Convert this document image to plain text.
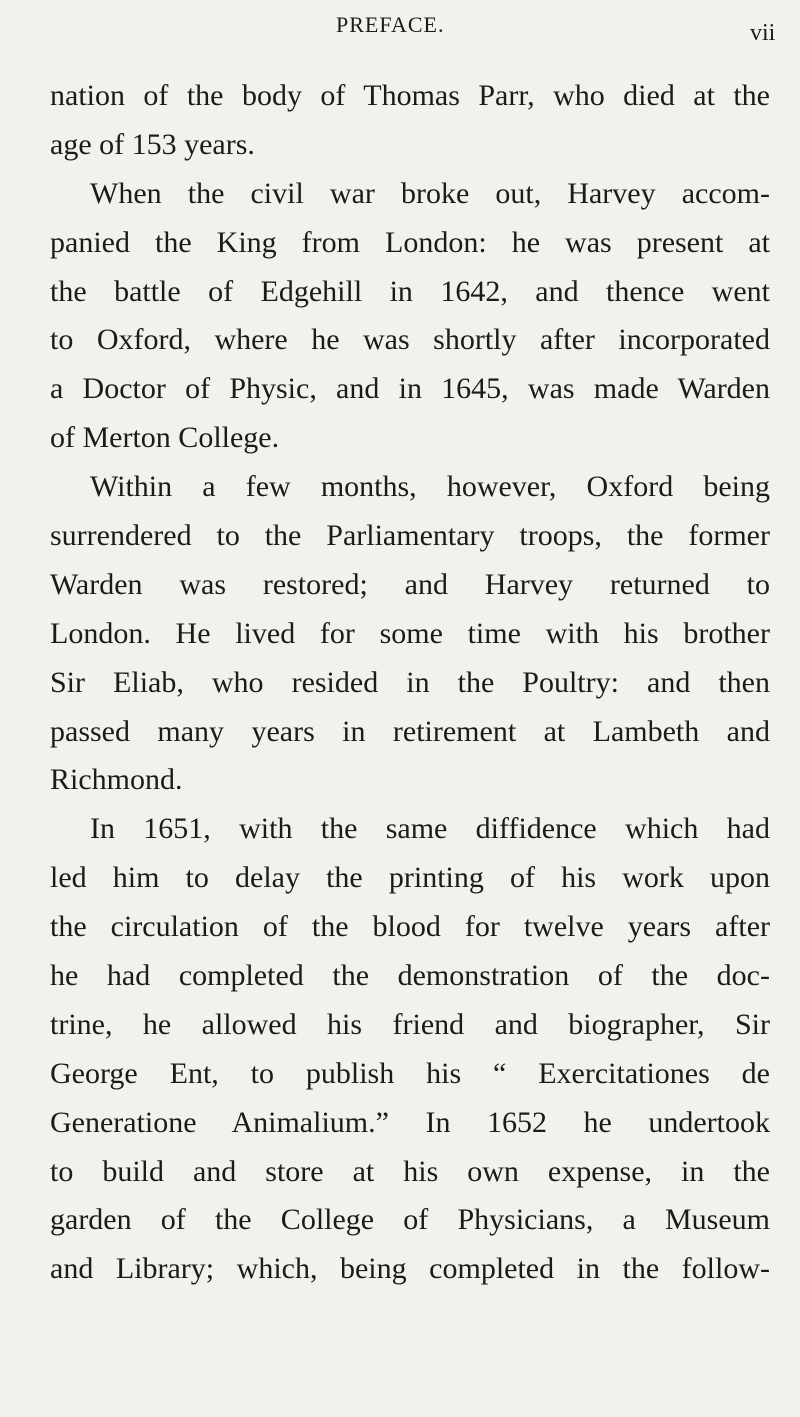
PREFACE.	vii
nation of the body of Thomas Parr, who died at the
age of 153 years.
When the civil war broke out, Harvey accom-
panied the King from London: he was present at
the battle of Edgehill in 1642, and thence went
to Oxford, where he was shortly after incorporated
a Doctor of Physic, and in 1645, was made Warden
of Merton College.
Within a few months, however, Oxford being
surrendered to the Parliamentary troops, the former
Warden was restored; and Harvey returned to
London. He lived for some time with his brother
Sir Eliab, who resided in the Poultry: and then
passed many years in retirement at Lambeth and
Richmond.
In 1651, with the same diffidence which had
led him to delay the printing of his work upon
the circulation of the blood for twelve years after
he had completed the demonstration of the doc-
trine, he allowed his friend and biographer, Sir
George Ent, to publish his “ Exercitationes de
Generatione Animalium.” In 1652 he undertook
to build and store at his own expense, in the
garden of the College of Physicians, a Museum
and Library; which, being completed in the follow-
